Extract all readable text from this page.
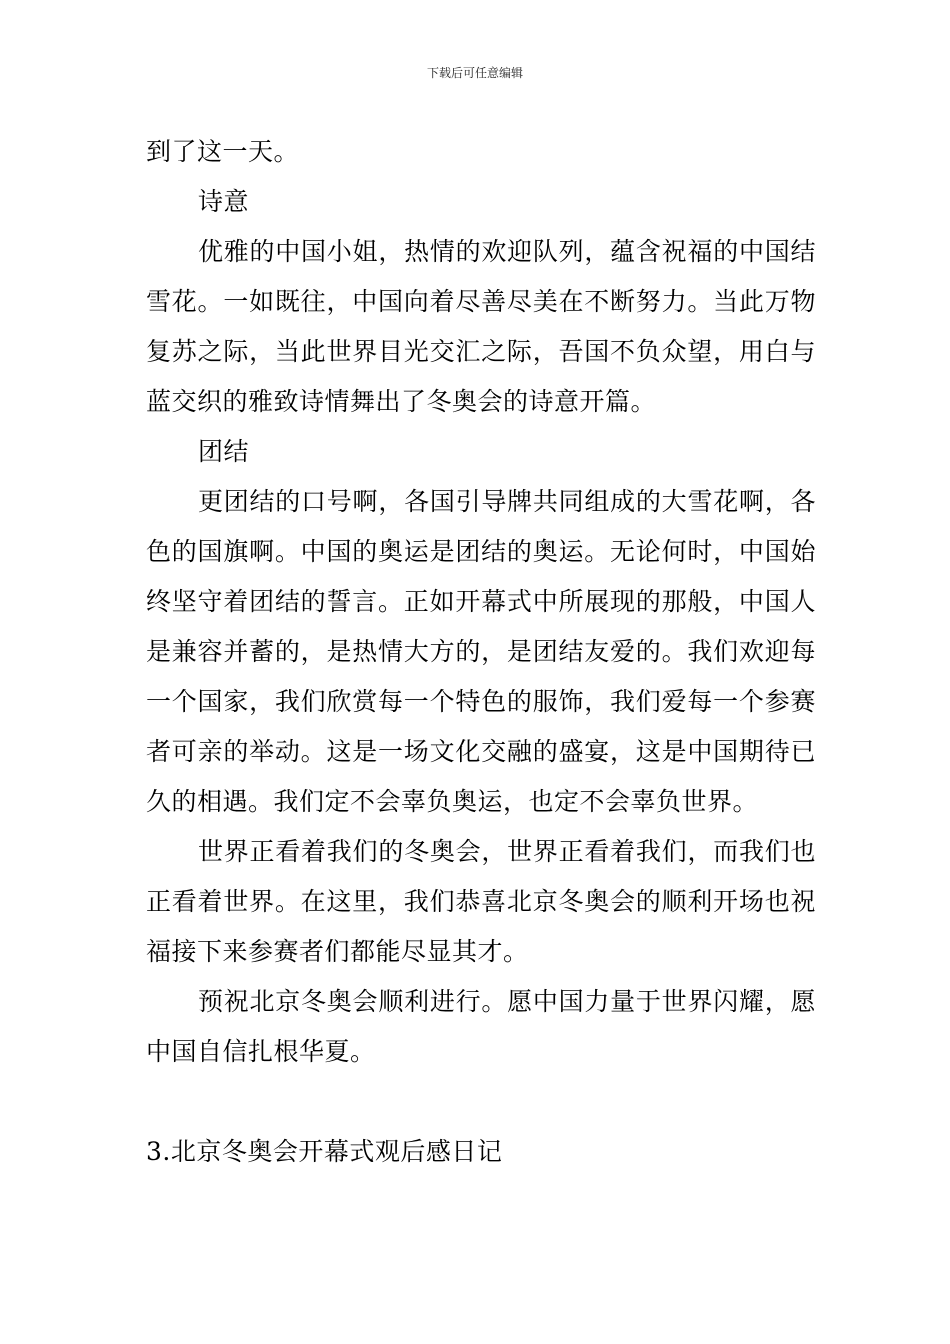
下载后可任意编辑

到了这一天。

诗意

优雅的中国小姐，热情的欢迎队列，蕴含祝福的中国结雪花。一如既往，中国向着尽善尽美在不断努力。当此万物复苏之际，当此世界目光交汇之际，吾国不负众望，用白与蓝交织的雅致诗情舞出了冬奥会的诗意开篇。

团结

更团结的口号啊，各国引导牌共同组成的大雪花啊，各色的国旗啊。中国的奥运是团结的奥运。无论何时，中国始终坚守着团结的誓言。正如开幕式中所展现的那般，中国人是兼容并蓄的，是热情大方的，是团结友爱的。我们欢迎每一个国家，我们欣赏每一个特色的服饰，我们爱每一个参赛者可亲的举动。这是一场文化交融的盛宴，这是中国期待已久的相遇。我们定不会辜负奥运，也定不会辜负世界。

世界正看着我们的冬奥会，世界正看着我们，而我们也正看着世界。在这里，我们恭喜北京冬奥会的顺利开场也祝福接下来参赛者们都能尽显其才。

预祝北京冬奥会顺利进行。愿中国力量于世界闪耀，愿中国自信扎根华夏。

3.北京冬奥会开幕式观后感日记
